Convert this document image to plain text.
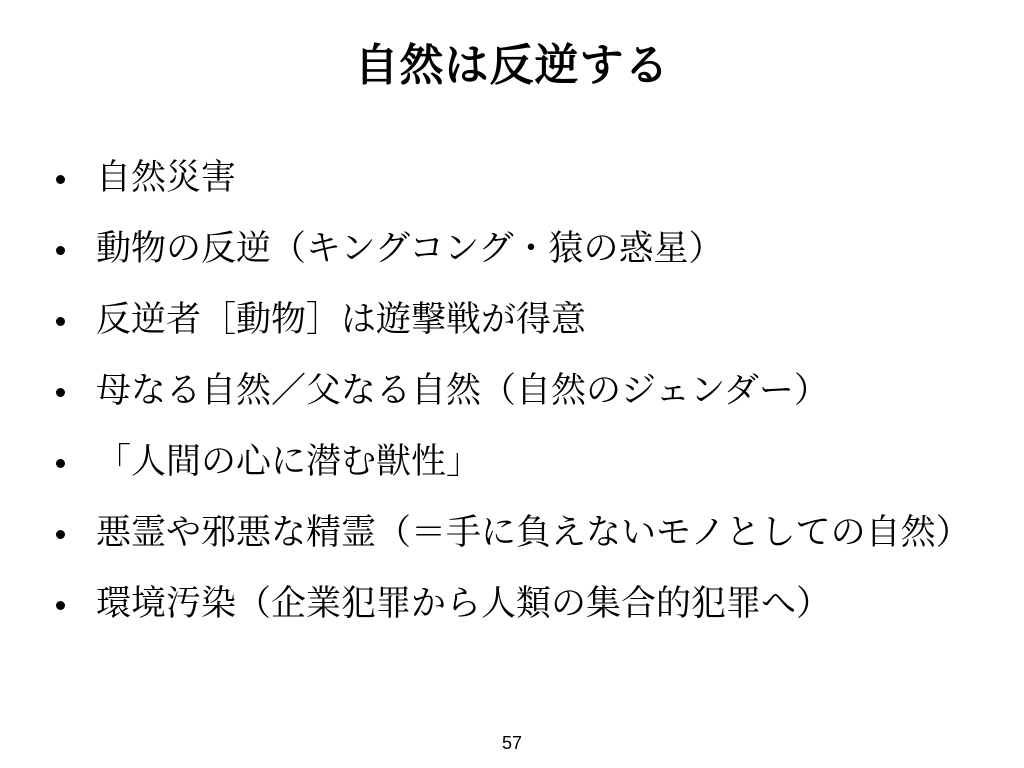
自然は反逆する
自然災害
動物の反逆（キングコング・猿の惑星）
反逆者［動物］は遊撃戦が得意
母なる自然／父なる自然（自然のジェンダー）
「人間の心に潜む獣性」
悪霊や邪悪な精霊（＝手に負えないモノとしての自然）
環境汚染（企業犯罪から人類の集合的犯罪へ）
57
